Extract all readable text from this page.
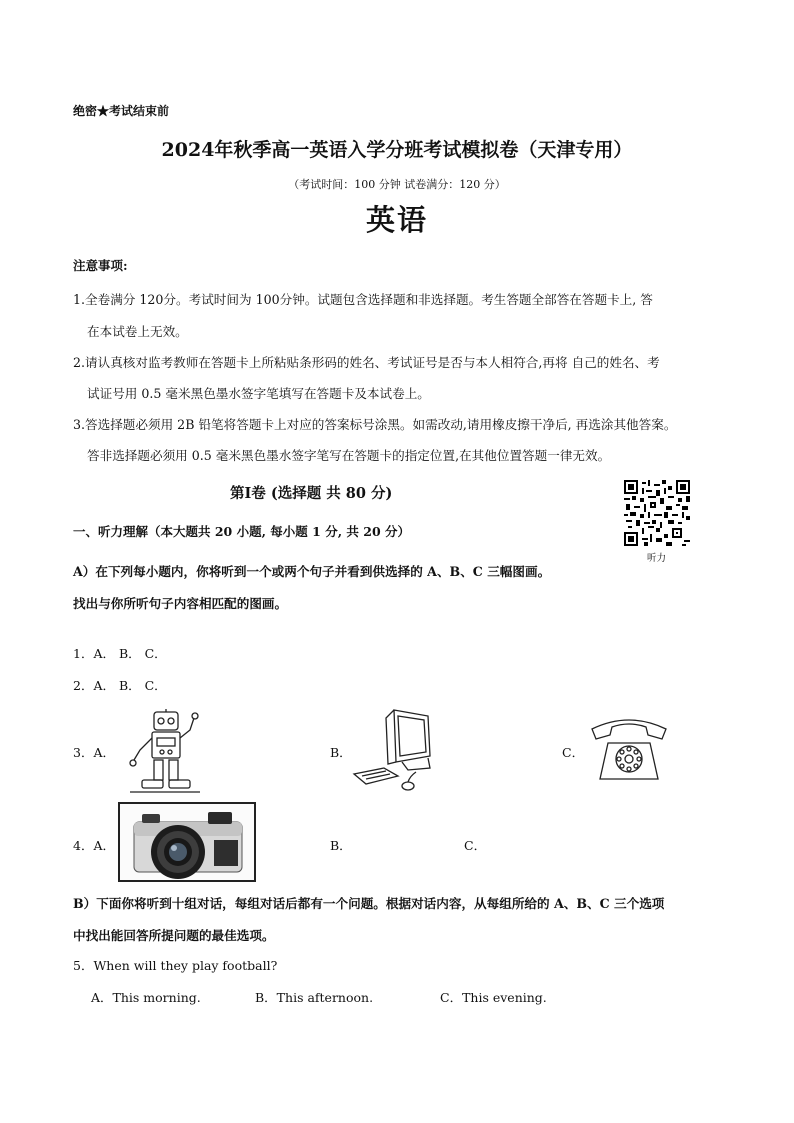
绝密★考试结束前
2024年秋季高一英语入学分班考试模拟卷（天津专用）
（考试时间：100 分钟 试卷满分：120 分）
英语
注意事项:
1.全卷满分 120分。考试时间为 100分钟。试题包含选择题和非选择题。考生答题全部答在答题卡上, 答
在本试卷上无效。
2.请认真核对监考教师在答题卡上所粘贴条形码的姓名、考试证号是否与本人相符合,再将 自己的姓名、考
试证号用 0.5 毫米黑色墨水签字笔填写在答题卡及本试卷上。
3.答选择题必须用 2B 铅笔将答题卡上对应的答案标号涂黑。如需改动,请用橡皮擦干净后, 再选涂其他答案。
答非选择题必须用 0.5 毫米黑色墨水签字笔写在答题卡的指定位置,在其他位置答题一律无效。
第Ⅰ卷 (选择题 共 80 分)
听力
一、听力理解（本大题共 20 小题, 每小题 1 分, 共 20 分）
A）在下列每小题内，你将听到一个或两个句子并看到供选择的 A、B、C 三幅图画。
找出与你所听句子内容相匹配的图画。
1．A． B． C．
2．A． B． C．
3．A．	B．	C．
4．A．	B．	C．
B）下面你将听到十组对话，每组对话后都有一个问题。根据对话内容，从每组所给的 A、B、C 三个选项
中找出能回答所提问题的最佳选项。
5．When will they play football?
A．This morning.	B．This afternoon.	C．This evening.
